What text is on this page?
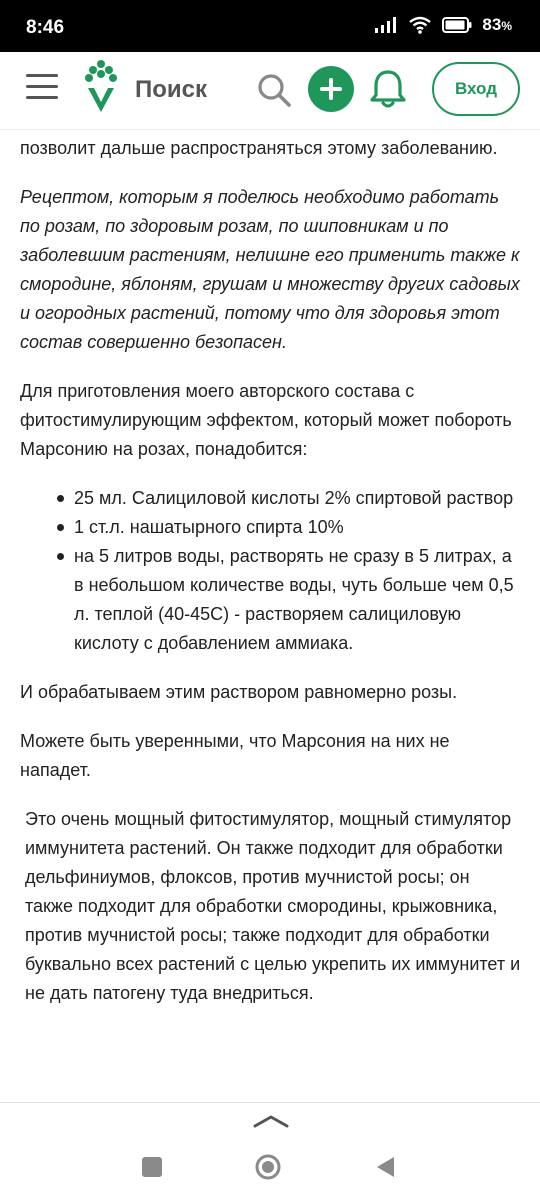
8:46	83%
Поиск	Вход

позволит дальше распространяться этому заболеванию.

Рецептом, которым я поделюсь необходимо работать по розам, по здоровым розам, по шиповникам и по заболевшим растениям, нелишне его применить также к смородине, яблоням, грушам и множеству других садовых и огородных растений, потому что для здоровья этот состав совершенно безопасен.

Для приготовления моего авторского состава с фитостимулирующим эффектом, который может побороть Марсонию на розах, понадобится:

25 мл. Салициловой кислоты 2% спиртовой раствор
1 ст.л. нашатырного спирта 10%
на 5 литров воды, растворять не сразу в 5 литрах, а в небольшом количестве воды, чуть больше чем 0,5 л. теплой (40-45С) - растворяем салициловую кислоту с добавлением аммиака.

И обрабатываем этим раствором равномерно розы.

Можете быть уверенными, что Марсония на них не нападет.

Это очень мощный фитостимулятор, мощный стимулятор иммунитета растений. Он также подходит для обработки дельфиниумов, флоксов, против мучнистой росы; он также подходит для обработки смородины, крыжовника, против мучнистой росы; также подходит для обработки буквально всех растений с целью укрепить их иммунитет и не дать патогену туда внедриться.
